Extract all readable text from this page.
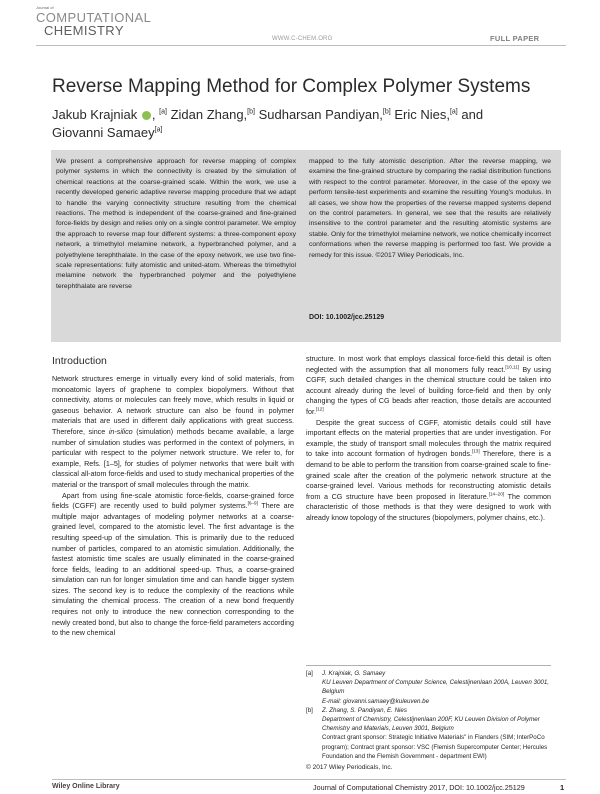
Journal of
COMPUTATIONAL
CHEMISTRY
WWW.C-CHEM.ORG	FULL PAPER
Reverse Mapping Method for Complex Polymer Systems
Jakub Krajniak , [a] Zidan Zhang,[b] Sudharsan Pandiyan,[b] Eric Nies,[a] and
Giovanni Samaey[a]
We present a comprehensive approach for reverse mapping of complex polymer systems in which the connectivity is created by the simulation of chemical reactions at the coarse-grained scale. Within the work, we use a recently developed generic adaptive reverse mapping procedure that we adapt to handle the varying connectivity structure resulting from the chemical reactions. The method is independent of the coarse-grained and fine-grained force-fields by design and relies only on a single control parameter. We employ the approach to reverse map four different systems: a three-component epoxy network, a trimethylol melamine network, a hyperbranched polymer, and a polyethylene terephthalate. In the case of the epoxy network, we use two fine-scale representations: fully atomistic and united-atom. Whereas the trimethylol melamine network the hyperbranched polymer and the polyethylene terephthalate are reverse
mapped to the fully atomistic description. After the reverse mapping, we examine the fine-grained structure by comparing the radial distribution functions with respect to the control parameter. Moreover, in the case of the epoxy we perform tensile-test experiments and examine the resulting Young's modulus. In all cases, we show how the properties of the reverse mapped systems depend on the control parameters. In general, we see that the results are relatively insensitive to the control parameter and the resulting atomistic systems are stable. Only for the trimethylol melamine network, we notice chemically incorrect conformations when the reverse mapping is performed too fast. We provide a remedy for this issue. ©2017 Wiley Periodicals, Inc.
DOI: 10.1002/jcc.25129
Introduction

Network structures emerge in virtually every kind of solid materials, from monoatomic layers of graphene to complex biopolymers. Without that connectivity, atoms or molecules can freely move, which results in liquid or gaseous behavior. A network structure can also be found in polymer materials that are used in different daily applications with great success. Therefore, since in-silico (simulation) methods became available, a large number of simulation studies was performed in the context of polymers, in particular with respect to the polymer network structure. We refer to, for example, Refs. [1–5], for studies of polymer networks that were built with classical all-atom force-fields and used to study mechanical properties of the material or the transport of small molecules through the matrix.

Apart from using fine-scale atomistic force-fields, coarse-grained force fields (CGFF) are recently used to build polymer systems.[6–9] There are multiple major advantages of modeling polymer networks at a coarse-grained level, compared to the atomistic level. The first advantage is the resulting speed-up of the simulation. This is primarily due to the reduced number of particles, compared to an atomistic simulation. Additionally, the fastest atomistic time scales are usually eliminated in the coarse-grained force fields, leading to an additional speed-up. Thus, a coarse-grained simulation can run for longer simulation time and can handle bigger system sizes. The second key is to reduce the complexity of the reactions while simulating the chemical process. The creation of a new bond frequently requires not only to introduce the new connection corresponding to the newly created bond, but also to change the force-field parameters according to the new chemical

structure. In most work that employs classical force-field this detail is often neglected with the assumption that all monomers fully react.[10,11] By using CGFF, such detailed changes in the chemical structure could be taken into account already during the level of building force-field and then by only changing the types of CG beads after reaction, those details are accounted for.[12]

Despite the great success of CGFF, atomistic details could still have important effects on the material properties that are under investigation. For example, the study of transport small molecules through the matrix required to take into account formation of hydrogen bonds.[13] Therefore, there is a demand to be able to perform the transition from coarse-grained scale to fine-grained scale after the creation of the polymeric network structure at the coarse-grained level. Various methods for reconstructing atomistic details from a CG structure have been proposed in literature.[14–20] The common characteristic of those methods is that they were designed to work with already know topology of the structures (biopolymers, polymer chains, etc.).

[a]	J. Krajniak, G. Samaey
KU Leuven Department of Computer Science, Celestijnenlaan 200A, Leuven 3001, Belgium
E-mail: giovanni.samaey@kuleuven.be
[b]	Z. Zhang, S. Pandiyan, E. Nies
Department of Chemistry, Celestijnenlaan 200F, KU Leuven Division of Polymer Chemistry and Materials, Leuven 3001, Belgium
Contract grant sponsor: Strategic Initiative Materials" in Flanders (SIM; InterPoCo program); Contract grant sponsor: VSC (Flemish Supercomputer Center; Hercules Foundation and the Flemish Government - department EWI)
© 2017 Wiley Periodicals, Inc.
Wiley Online Library	Journal of Computational Chemistry 2017, DOI: 10.1002/jcc.25129	1
